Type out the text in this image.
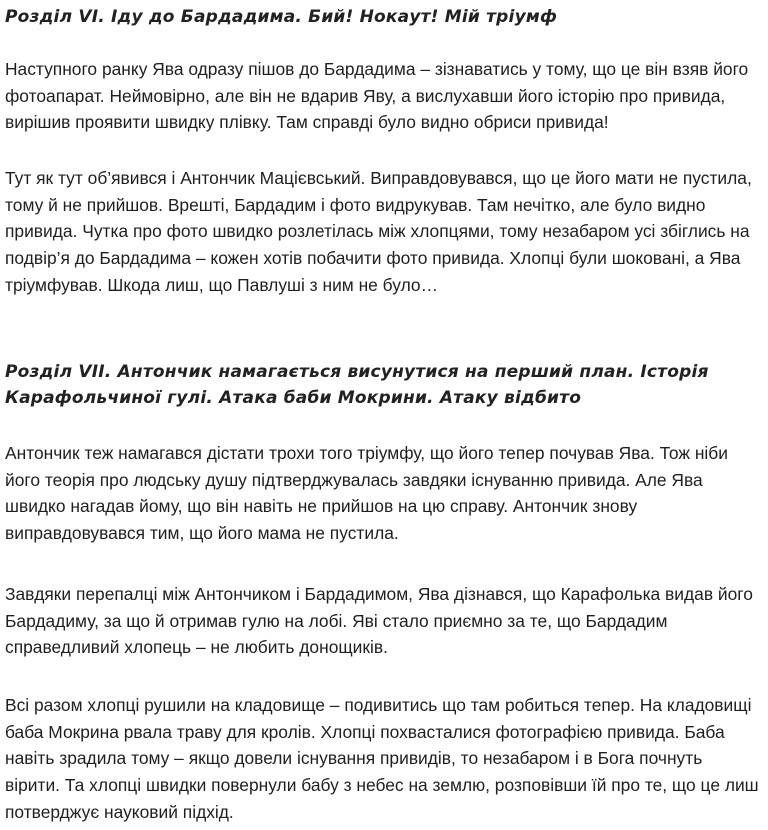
Розділ VI. Іду до Бардадима. Бий! Нокаут! Мій тріумф

Наступного ранку Ява одразу пішов до Бардадима – зізнаватись у тому, що це він взяв його фотоапарат. Неймовірно, але він не вдарив Яву, а вислухавши його історію про привида, вирішив проявити швидку плівку. Там справді було видно обриси привида!

Тут як тут об’явився і Антончик Мацієвський. Виправдовувався, що це його мати не пустила, тому й не прийшов. Врешті, Бардадим і фото видрукував. Там нечітко, але було видно привида. Чутка про фото швидко розлетілась між хлопцями, тому незабаром усі збіглись на подвір’я до Бардадима – кожен хотів побачити фото привида. Хлопці були шоковані, а Ява тріумфував. Шкода лиш, що Павлуші з ним не було…

Розділ VII. Антончик намагається висунутися на перший план. Історія Карафольчиної гулі. Атака баби Мокрини. Атаку відбито

Антончик теж намагався дістати трохи того тріумфу, що його тепер почував Ява. Тож ніби його теорія про людську душу підтверджувалась завдяки існуванню привида. Але Ява швидко нагадав йому, що він навіть не прийшов на цю справу. Антончик знову виправдовувався тим, що його мама не пустила.

Завдяки перепалці між Антончиком і Бардадимом, Ява дізнався, що Карафолька видав його Бардадиму, за що й отримав гулю на лобі. Яві стало приємно за те, що Бардадим справедливий хлопець – не любить донощиків.

Всі разом хлопці рушили на кладовище – подивитись що там робиться тепер. На кладовищі баба Мокрина рвала траву для кролів. Хлопці похвасталися фотографією привида. Баба навіть зрадила тому – якщо довели існування привидів, то незабаром і в Бога почнуть вірити. Та хлопці швидки повернули бабу з небес на землю, розповівши їй про те, що це лиш потверджує науковий підхід.
